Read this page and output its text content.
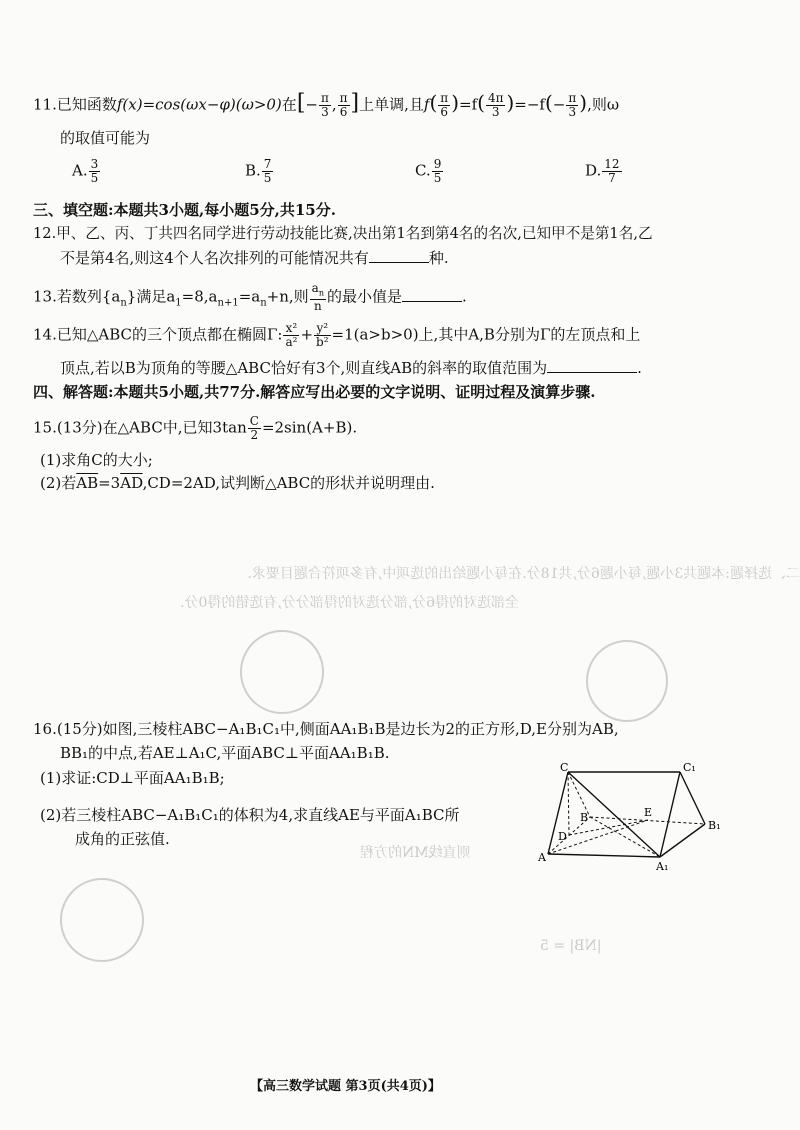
二、选择题:本题共3小题,每小题6分,共18分.在每小题给出的选项中,有多项符合题目要求.
全部选对的得6分,部分选对的得部分分,有选错的得0分.
则直线MN的方程
|NB| = 5
11.已知函数f(x)=cos(ωx−φ)(ω>0)在[− $\frac{\pi}{3}$ , $\frac{\pi}{6}$ ]上单调,且$f( \frac{\pi}{6} )=f( \frac{4\pi}{3} )=-f(- \frac{\pi}{3}$ ),则ω
的取值可能为
A. $\frac{3}{5}$	B. $\frac{7}{5}$	C. $\frac{9}{5}$	D. $\frac{12}{7}$
三、填空题:本题共3小题,每小题5分,共15分.
12.甲、乙、丙、丁共四名同学进行劳动技能比赛,决出第1名到第4名的名次,已知甲不是第1名,乙
不是第4名,则这4个人名次排列的可能情况共有	种.
13.若数列$\{a_n\}$满足$a_1=8,a_{n+1}=a_n+n$,则 $\frac{a_n}{n}$ 的最小值是	.
14.已知△ABC的三个顶点都在椭圆Γ: $\frac{\text{x²}}{\text{a²}} + \frac{\text{y²}}{\text{b²}} =1(a>b>0)$上,其中A,B分别为Γ的左顶点和上
顶点,若以B为顶角的等腰△ABC恰好有3个,则直线AB的斜率的取值范围为	.
四、解答题:本题共5小题,共77分.解答应写出必要的文字说明、证明过程及演算步骤.
15.(13分)在△ABC中,已知$3\tan \frac{C}{2} =2\sin(A+B)$.
(1)求角C的大小;
(2)若$\overline{AB}=3\overline{AD},CD=2AD$,试判断△ABC的形状并说明理由.
16.(15分)如图,三棱柱ABC−A₁B₁C₁中,侧面AA₁B₁B是边长为2的正方形,D,E分别为AB,
BB₁的中点,若AE⊥A₁C,平面ABC⊥平面AA₁B₁B.
(1)求证:CD⊥平面AA₁B₁B;
(2)若三棱柱ABC−A₁B₁C₁的体积为4,求直线AE与平面A₁BC所
成角的正弦值.
C	C₁
B
B₁
A
A₁
D
E
【高三数学试题 第3页(共4页)】
